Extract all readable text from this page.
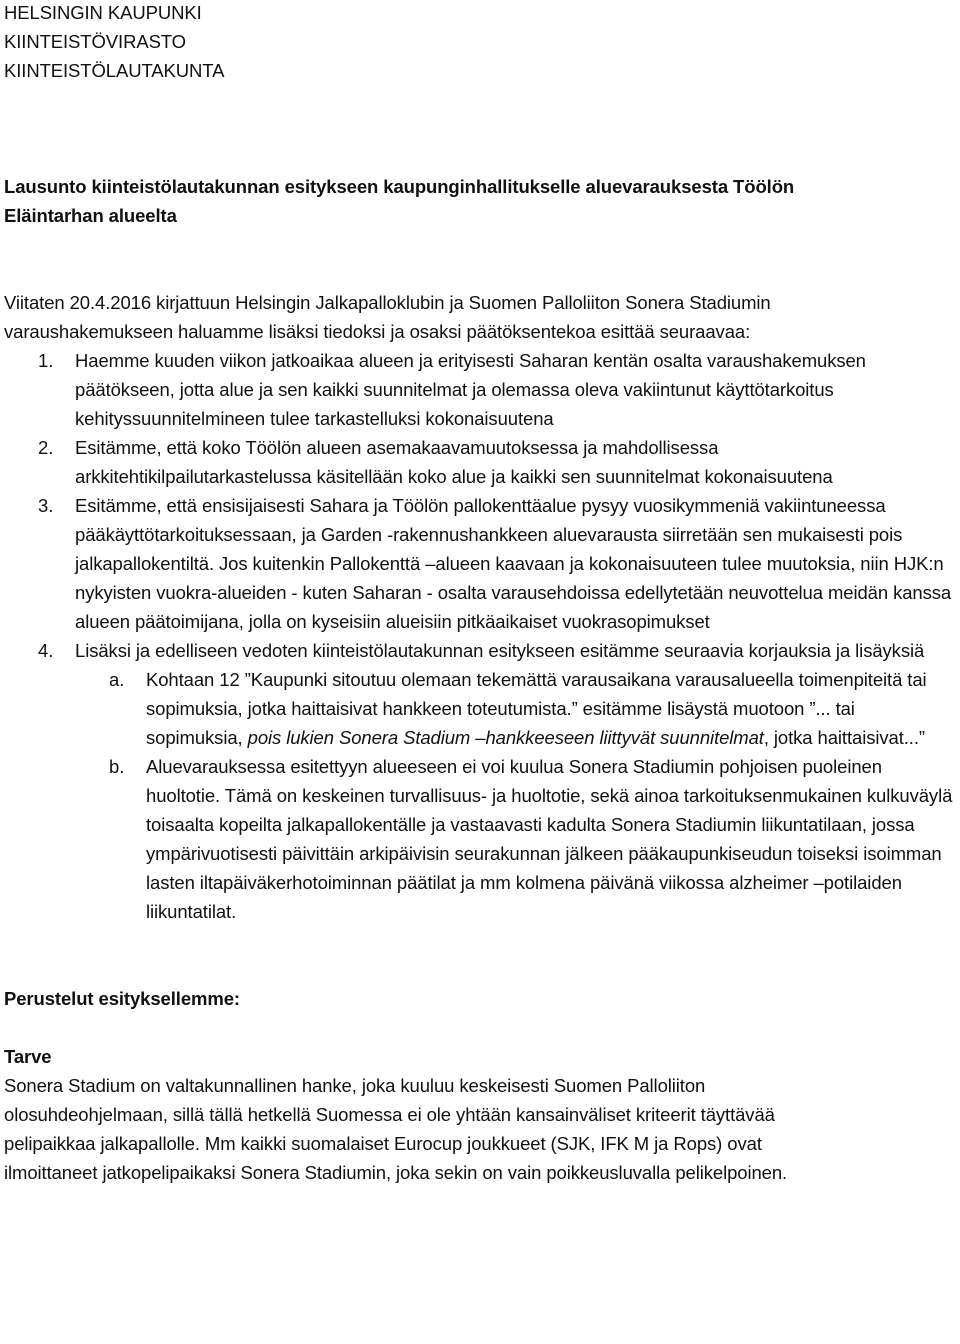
HELSINGIN KAUPUNKI

KIINTEISTÖVIRASTO

KIINTEISTÖLAUTAKUNTA

Lausunto kiinteistölautakunnan esitykseen kaupunginhallitukselle aluevarauksesta Töölön

Eläintarhan alueelta

Viitaten 20.4.2016 kirjattuun Helsingin Jalkapalloklubin ja Suomen Palloliiton Sonera Stadiumin

varaushakemukseen haluamme lisäksi tiedoksi ja osaksi päätöksentekoa esittää seuraavaa:

1. Haemme kuuden viikon jatkoaikaa alueen ja erityisesti Saharan kentän osalta varaushakemuksen päätökseen, jotta alue ja sen kaikki suunnitelmat ja olemassa oleva vakiintunut käyttötarkoitus kehityssuunnitelmineen tulee tarkastelluksi kokonaisuutena
2. Esitämme, että koko Töölön alueen asemakaavamuutoksessa ja mahdollisessa arkkitehtikilpailutarkastelussa käsitellään koko alue ja kaikki sen suunnitelmat kokonaisuutena
3. Esitämme, että ensisijaisesti Sahara ja Töölön pallokenttäalue pysyy vuosikymmeniä vakiintuneessa pääkäyttötarkoituksessaan, ja Garden -rakennushankkeen aluevarausta siirretään sen mukaisesti pois jalkapallokentiltä. Jos kuitenkin Pallokenttä –alueen kaavaan ja kokonaisuuteen tulee muutoksia, niin HJK:n nykyisten vuokra-alueiden - kuten Saharan - osalta varausehdoissa edellytetään neuvottelua meidän kanssa alueen päätoimijana, jolla on kyseisiin alueisiin pitkäaikaiset vuokrasopimukset
4. Lisäksi ja edelliseen vedoten kiinteistölautakunnan esitykseen esitämme seuraavia korjauksia ja lisäyksiä
a. Kohtaan 12 ”Kaupunki sitoutuu olemaan tekemättä varausaikana varausalueella toimenpiteitä tai sopimuksia, jotka haittaisivat hankkeen toteutumista.” esitämme lisäystä muotoon ”... tai sopimuksia, pois lukien Sonera Stadium –hankkeeseen liittyvät suunnitelmat, jotka haittaisivat...”
b. Aluevarauksessa esitettyyn alueeseen ei voi kuulua Sonera Stadiumin pohjoisen puoleinen huoltotie. Tämä on keskeinen turvallisuus- ja huoltotie, sekä ainoa tarkoituksenmukainen kulkuväylä toisaalta kopeilta jalkapallokentälle ja vastaavasti kadulta Sonera Stadiumin liikuntatilaan, jossa ympärivuotisesti päivittäin arkipäivisin seurakunnan jälkeen pääkaupunkiseudun toiseksi isoimman lasten iltapäiväkerhotoiminnan päätilat ja mm kolmena päivänä viikossa alzheimer –potilaiden liikuntatilat.

Perustelut esityksellemme:

Tarve

Sonera Stadium on valtakunnallinen hanke, joka kuuluu keskeisesti Suomen Palloliiton

olosuhdeohjelmaan, sillä tällä hetkellä Suomessa ei ole yhtään kansainväliset kriteerit täyttävää

pelipaikkaa jalkapallolle. Mm kaikki suomalaiset Eurocup joukkueet (SJK, IFK M ja Rops) ovat

ilmoittaneet jatkopelipaikaksi Sonera Stadiumin, joka sekin on vain poikkeusluvalla pelikelpoinen.
